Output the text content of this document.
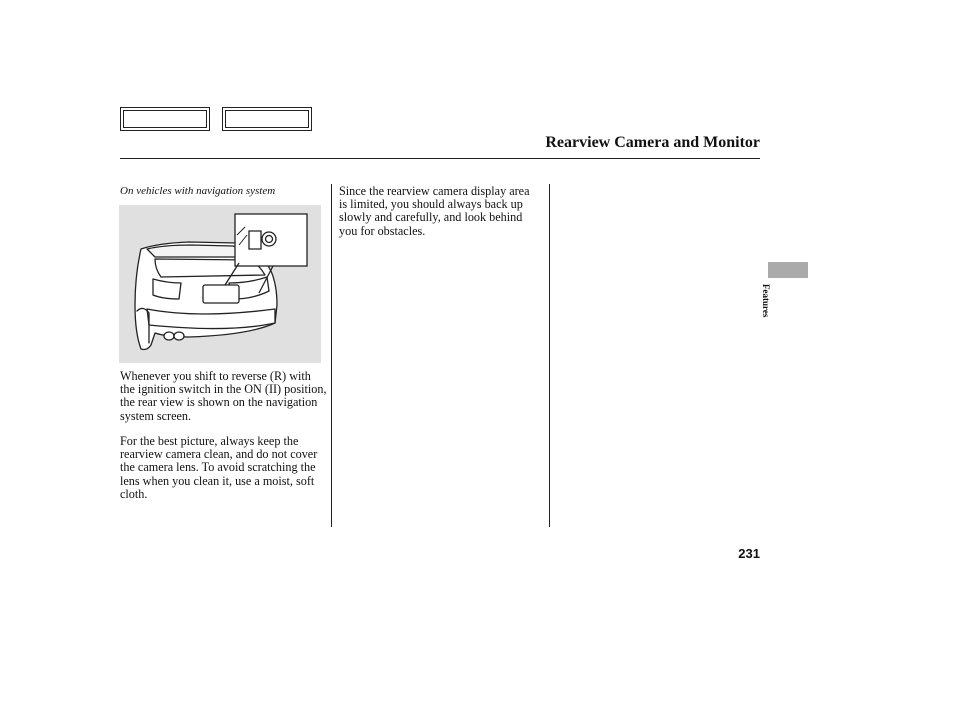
Rearview Camera and Monitor
On vehicles with navigation system

Whenever you shift to reverse (R) with the ignition switch in the ON (II) position, the rear view is shown on the navigation system screen.

For the best picture, always keep the rearview camera clean, and do not cover the camera lens. To avoid scratching the lens when you clean it, use a moist, soft cloth.

Since the rearview camera display area is limited, you should always back up slowly and carefully, and look behind you for obstacles.

Features
231
